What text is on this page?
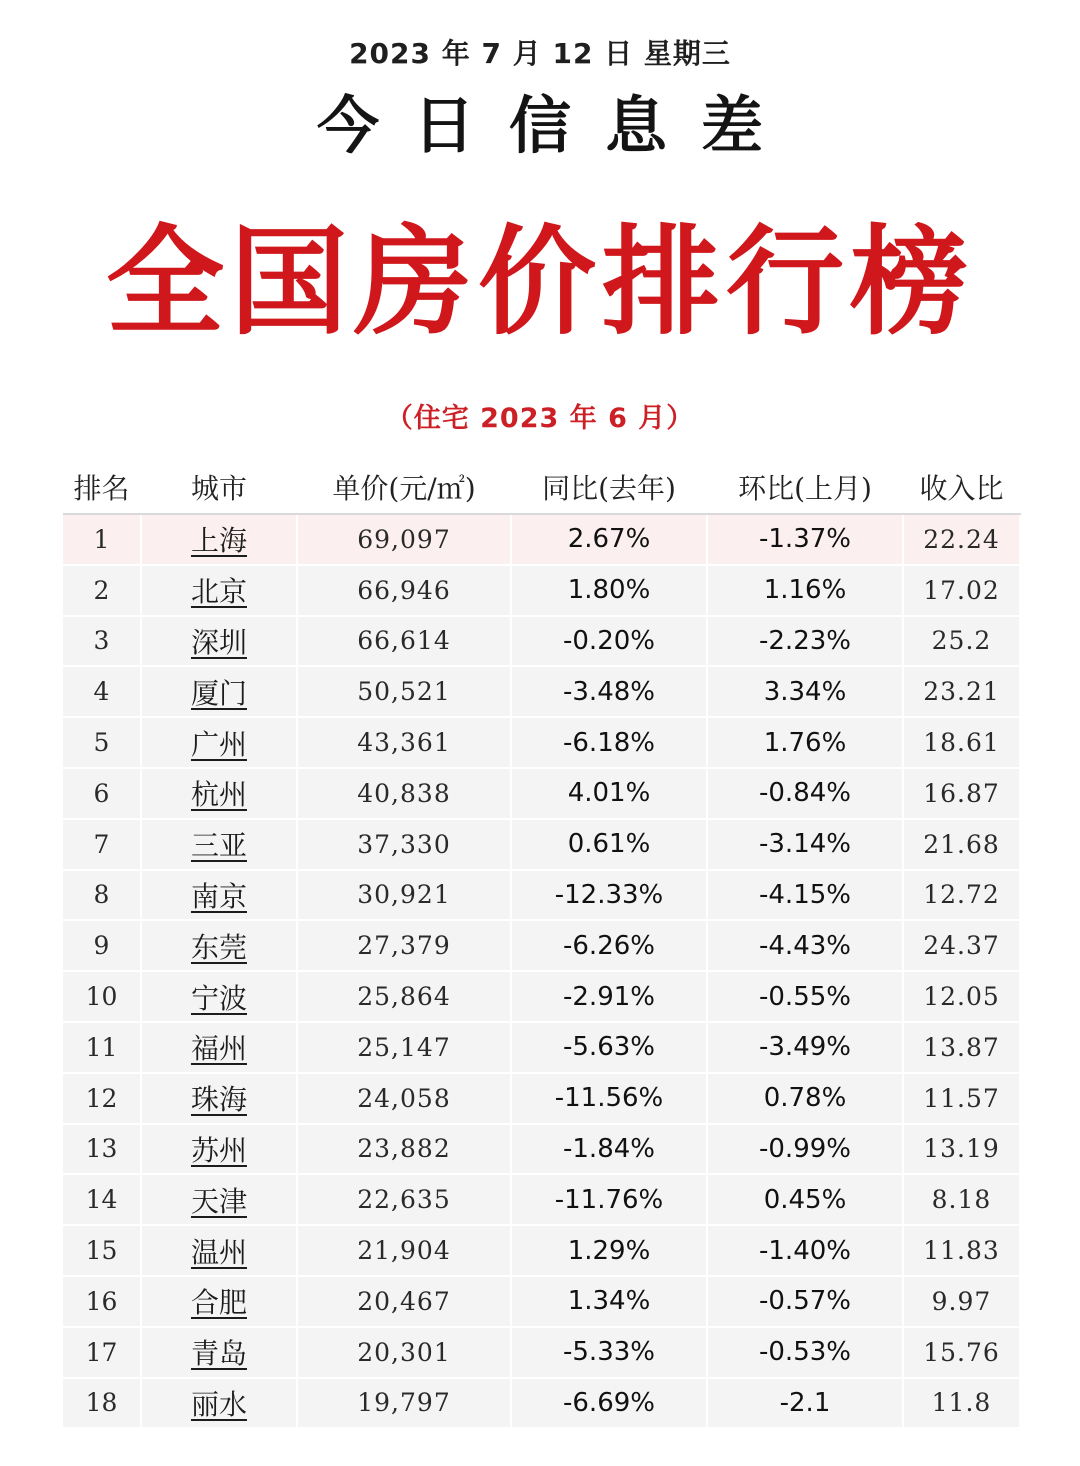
2023 年 7 月 12 日 星期三
今日信息差
全国房价排行榜
（住宅 2023 年 6 月）
排名	城市	单价(元/㎡)	同比(去年)	环比(上月)	收入比
1	上海	69,097	2.67%	-1.37%	22.24
2	北京	66,946	1.80%	1.16%	17.02
3	深圳	66,614	-0.20%	-2.23%	25.2
4	厦门	50,521	-3.48%	3.34%	23.21
5	广州	43,361	-6.18%	1.76%	18.61
6	杭州	40,838	4.01%	-0.84%	16.87
7	三亚	37,330	0.61%	-3.14%	21.68
8	南京	30,921	-12.33%	-4.15%	12.72
9	东莞	27,379	-6.26%	-4.43%	24.37
10	宁波	25,864	-2.91%	-0.55%	12.05
11	福州	25,147	-5.63%	-3.49%	13.87
12	珠海	24,058	-11.56%	0.78%	11.57
13	苏州	23,882	-1.84%	-0.99%	13.19
14	天津	22,635	-11.76%	0.45%	8.18
15	温州	21,904	1.29%	-1.40%	11.83
16	合肥	20,467	1.34%	-0.57%	9.97
17	青岛	20,301	-5.33%	-0.53%	15.76
18	丽水	19,797	-6.69%	-2.1	11.8
